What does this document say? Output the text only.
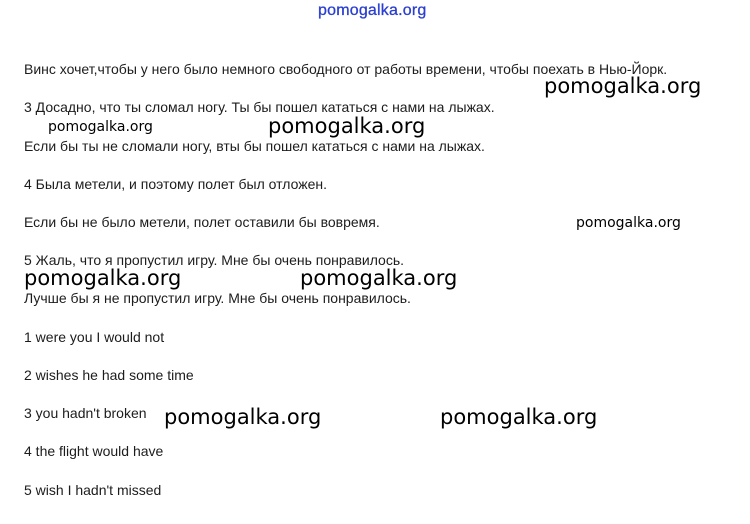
pomogalka.org
Винс хочет,чтобы у него было немного свободного от работы времени, чтобы поехать в Нью-Йорк.
3 Досадно, что ты сломал ногу. Ты бы пошел кататься с нами на лыжах.
Если бы ты не сломали ногу, вты бы пошел кататься с нами на лыжах.
4 Была метели, и поэтому полет был отложен.
Если бы не было метели, полет оставили бы вовремя.
5 Жаль, что я пропустил игру. Мне бы очень понравилось.
Лучше бы я не пропустил игру. Мне бы очень понравилось.
1 were you I would not
2 wishes he had some time
3 you hadn't broken
4 the flight would have
5 wish I hadn't missed
pomogalka.org
pomogalka.org	pomogalka.org
pomogalka.org
pomogalka.org	pomogalka.org
pomogalka.org	pomogalka.org
